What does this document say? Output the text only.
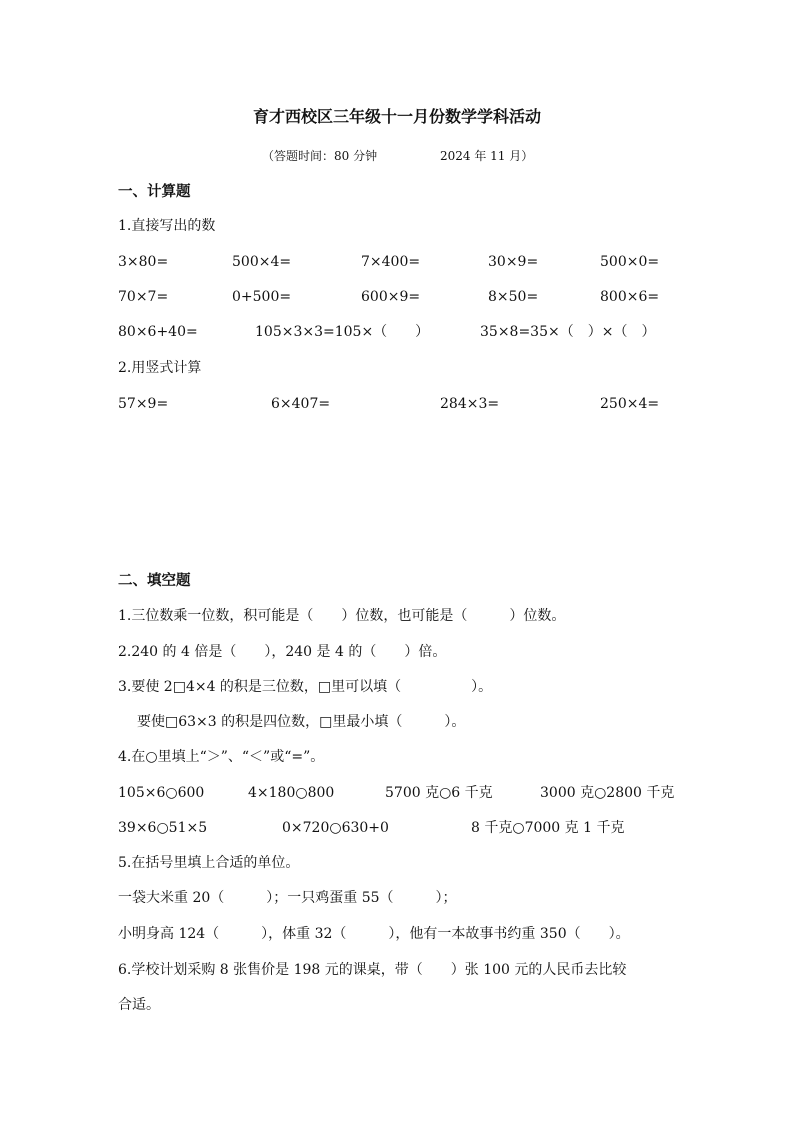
育才西校区三年级十一月份数学学科活动
（答题时间：80 分钟	2024 年 11 月）
一、计算题
1.直接写出的数
3×80=	500×4=	7×400=	30×9=	500×0=
70×7=	0+500=	600×9=	8×50=	800×6=
80×6+40=	105×3×3=105×（　　）	35×8=35×（　）×（　）
2.用竖式计算
57×9=	6×407=	284×3=	250×4=
二、填空题
1.三位数乘一位数，积可能是（　　）位数，也可能是（　　　）位数。
2.240 的 4 倍是（　　），240 是 4 的（　　）倍。
3.要使 2□4×4 的积是三位数，□里可以填（　　　　　）。
要使□63×3 的积是四位数，□里最小填（　　　）。
4.在○里填上“＞”、“＜”或“=”。
105×6○600	4×180○800	5700 克○6 千克	3000 克○2800 千克
39×6○51×5	0×720○630+0	8 千克○7000 克 1 千克
5.在括号里填上合适的单位。
一袋大米重 20（　　　）；一只鸡蛋重 55（　　　）；
小明身高 124（　　　），体重 32（　　　），他有一本故事书约重 350（　　）。
6.学校计划采购 8 张售价是 198 元的课桌，带（　　）张 100 元的人民币去比较
合适。
